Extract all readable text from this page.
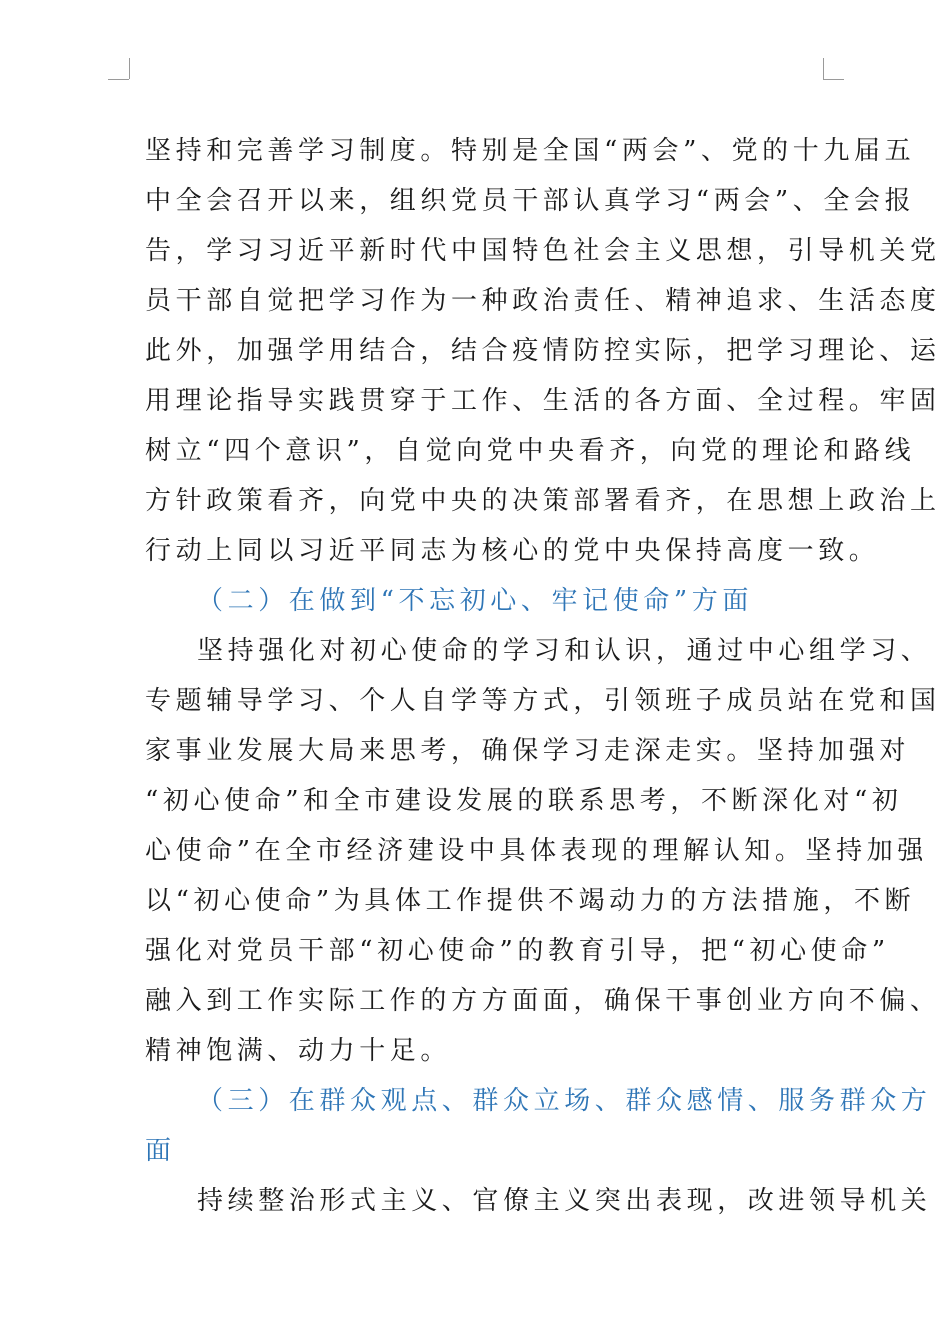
坚持和完善学习制度。特别是全国“两会”、党的十九届五
中全会召开以来，组织党员干部认真学习“两会”、全会报
告，学习习近平新时代中国特色社会主义思想，引导机关党
员干部自觉把学习作为一种政治责任、精神追求、生活态度
此外，加强学用结合，结合疫情防控实际，把学习理论、运
用理论指导实践贯穿于工作、生活的各方面、全过程。牢固
树立“四个意识”，自觉向党中央看齐，向党的理论和路线
方针政策看齐，向党中央的决策部署看齐，在思想上政治上
行动上同以习近平同志为核心的党中央保持高度一致。
（二）在做到“不忘初心、牢记使命”方面
坚持强化对初心使命的学习和认识，通过中心组学习、
专题辅导学习、个人自学等方式，引领班子成员站在党和国
家事业发展大局来思考，确保学习走深走实。坚持加强对
“初心使命”和全市建设发展的联系思考，不断深化对“初
心使命”在全市经济建设中具体表现的理解认知。坚持加强
以“初心使命”为具体工作提供不竭动力的方法措施，不断
强化对党员干部“初心使命”的教育引导，把“初心使命”
融入到工作实际工作的方方面面，确保干事创业方向不偏、
精神饱满、动力十足。
（三）在群众观点、群众立场、群众感情、服务群众方
面
持续整治形式主义、官僚主义突出表现，改进领导机关
